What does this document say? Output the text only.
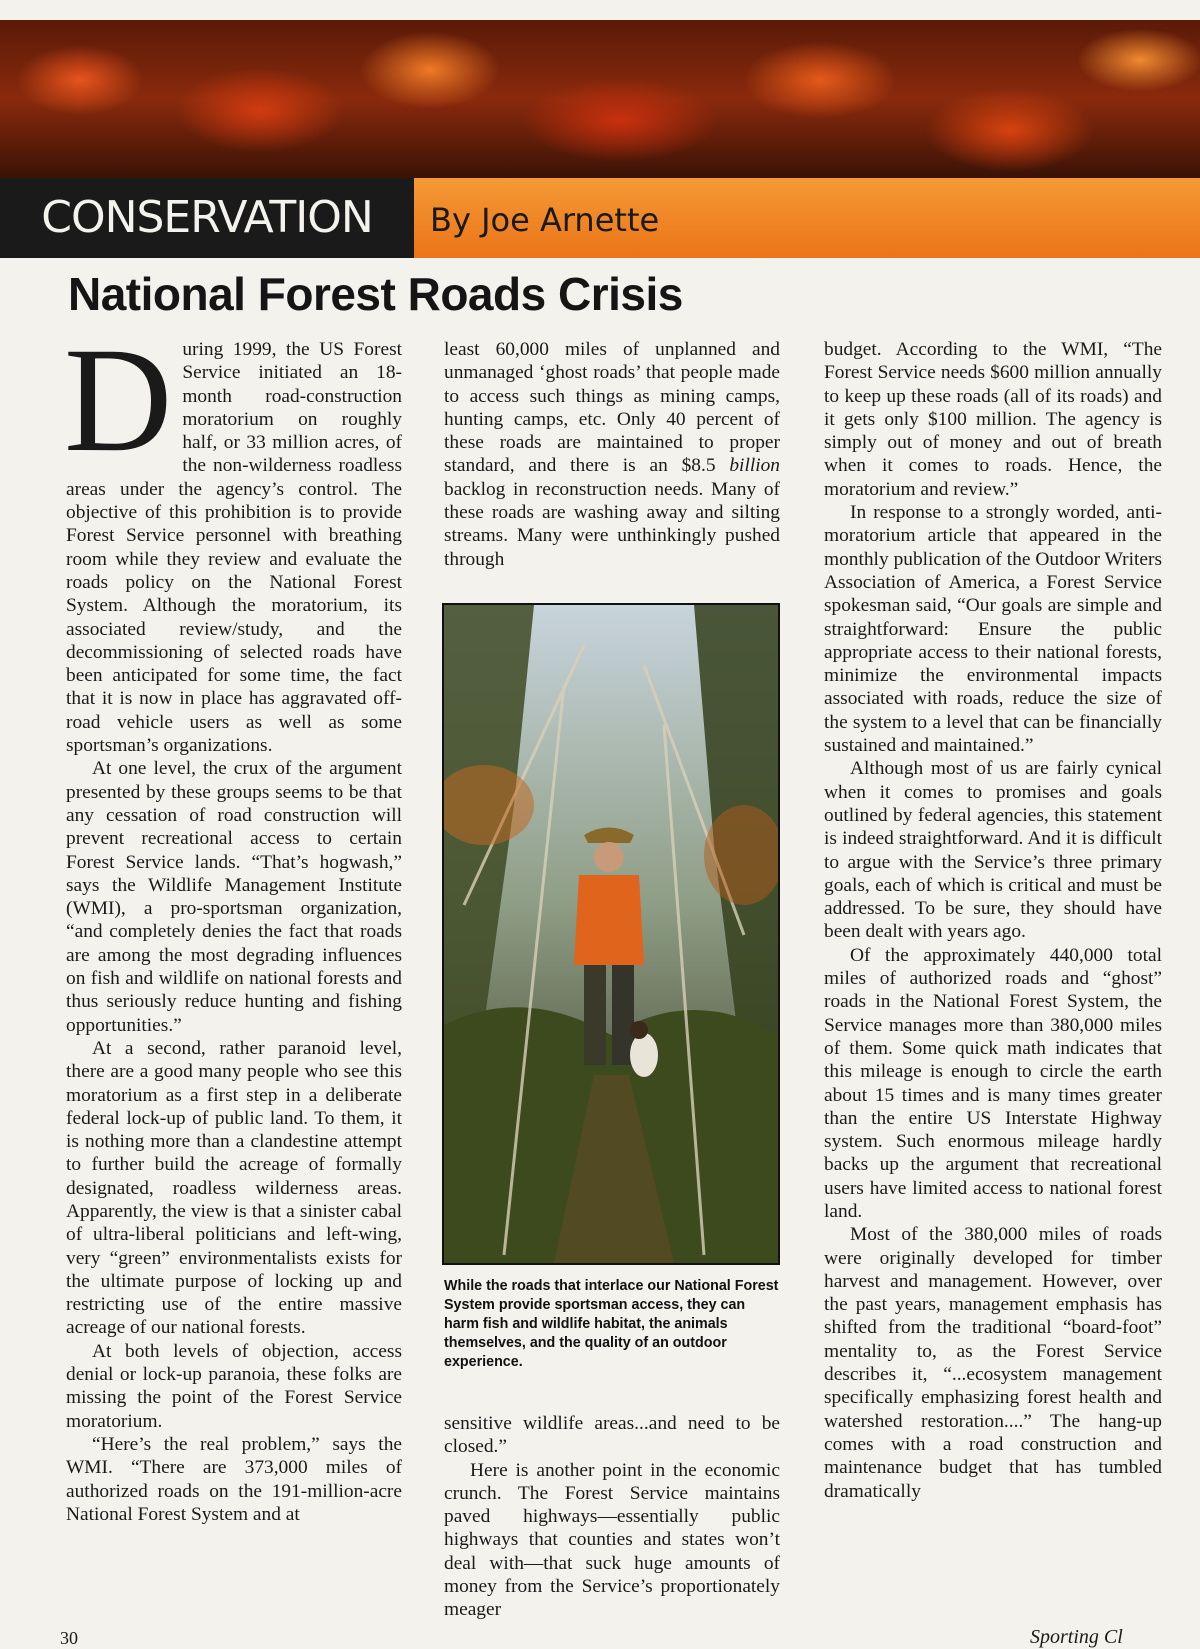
CONSERVATION	By Joe Arnette
National Forest Roads Crisis

During 1999, the US Forest Service initiated an 18-month road-construction moratorium on roughly half, or 33 million acres, of the non-wilderness roadless areas under the agency’s control. The objective of this prohibition is to provide Forest Service personnel with breathing room while they review and evaluate the roads policy on the National Forest System. Although the moratorium, its associated review/study, and the decommissioning of selected roads have been anticipated for some time, the fact that it is now in place has aggravated off-road vehicle users as well as some sportsman’s organizations.

At one level, the crux of the argument presented by these groups seems to be that any cessation of road construction will prevent recreational access to certain Forest Service lands. “That’s hogwash,” says the Wildlife Management Institute (WMI), a pro-sportsman organization, “and completely denies the fact that roads are among the most degrading influences on fish and wildlife on national forests and thus seriously reduce hunting and fishing opportunities.”

At a second, rather paranoid level, there are a good many people who see this moratorium as a first step in a deliberate federal lock-up of public land. To them, it is nothing more than a clandestine attempt to further build the acreage of formally designated, roadless wilderness areas. Apparently, the view is that a sinister cabal of ultra-liberal politicians and left-wing, very “green” environmentalists exists for the ultimate purpose of locking up and restricting use of the entire massive acreage of our national forests.

At both levels of objection, access denial or lock-up paranoia, these folks are missing the point of the Forest Service moratorium.

“Here’s the real problem,” says the WMI. “There are 373,000 miles of authorized roads on the 191-million-acre National Forest System and at

least 60,000 miles of unplanned and unmanaged ‘ghost roads’ that people made to access such things as mining camps, hunting camps, etc. Only 40 percent of these roads are maintained to proper standard, and there is an $8.5 billion backlog in reconstruction needs. Many of these roads are washing away and silting streams. Many were unthinkingly pushed through

While the roads that interlace our National Forest System provide sportsman access, they can harm fish and wildlife habitat, the animals themselves, and the quality of an outdoor experience.

sensitive wildlife areas...and need to be closed.”

Here is another point in the economic crunch. The Forest Service maintains paved highways—essentially public highways that counties and states won’t deal with—that suck huge amounts of money from the Service’s proportionately meager

budget. According to the WMI, “The Forest Service needs $600 million annually to keep up these roads (all of its roads) and it gets only $100 million. The agency is simply out of money and out of breath when it comes to roads. Hence, the moratorium and review.”

In response to a strongly worded, anti-moratorium article that appeared in the monthly publication of the Outdoor Writers Association of America, a Forest Service spokesman said, “Our goals are simple and straightforward: Ensure the public appropriate access to their national forests, minimize the environmental impacts associated with roads, reduce the size of the system to a level that can be financially sustained and maintained.”

Although most of us are fairly cynical when it comes to promises and goals outlined by federal agencies, this statement is indeed straightforward. And it is difficult to argue with the Service’s three primary goals, each of which is critical and must be addressed. To be sure, they should have been dealt with years ago.

Of the approximately 440,000 total miles of authorized roads and “ghost” roads in the National Forest System, the Service manages more than 380,000 miles of them. Some quick math indicates that this mileage is enough to circle the earth about 15 times and is many times greater than the entire US Interstate Highway system. Such enormous mileage hardly backs up the argument that recreational users have limited access to national forest land.

Most of the 380,000 miles of roads were originally developed for timber harvest and management. However, over the past years, management emphasis has shifted from the traditional “board-foot” mentality to, as the Forest Service describes it, “...ecosystem management specifically emphasizing forest health and watershed restoration....” The hang-up comes with a road construction and maintenance budget that has tumbled dramatically

30	Sporting Cl
